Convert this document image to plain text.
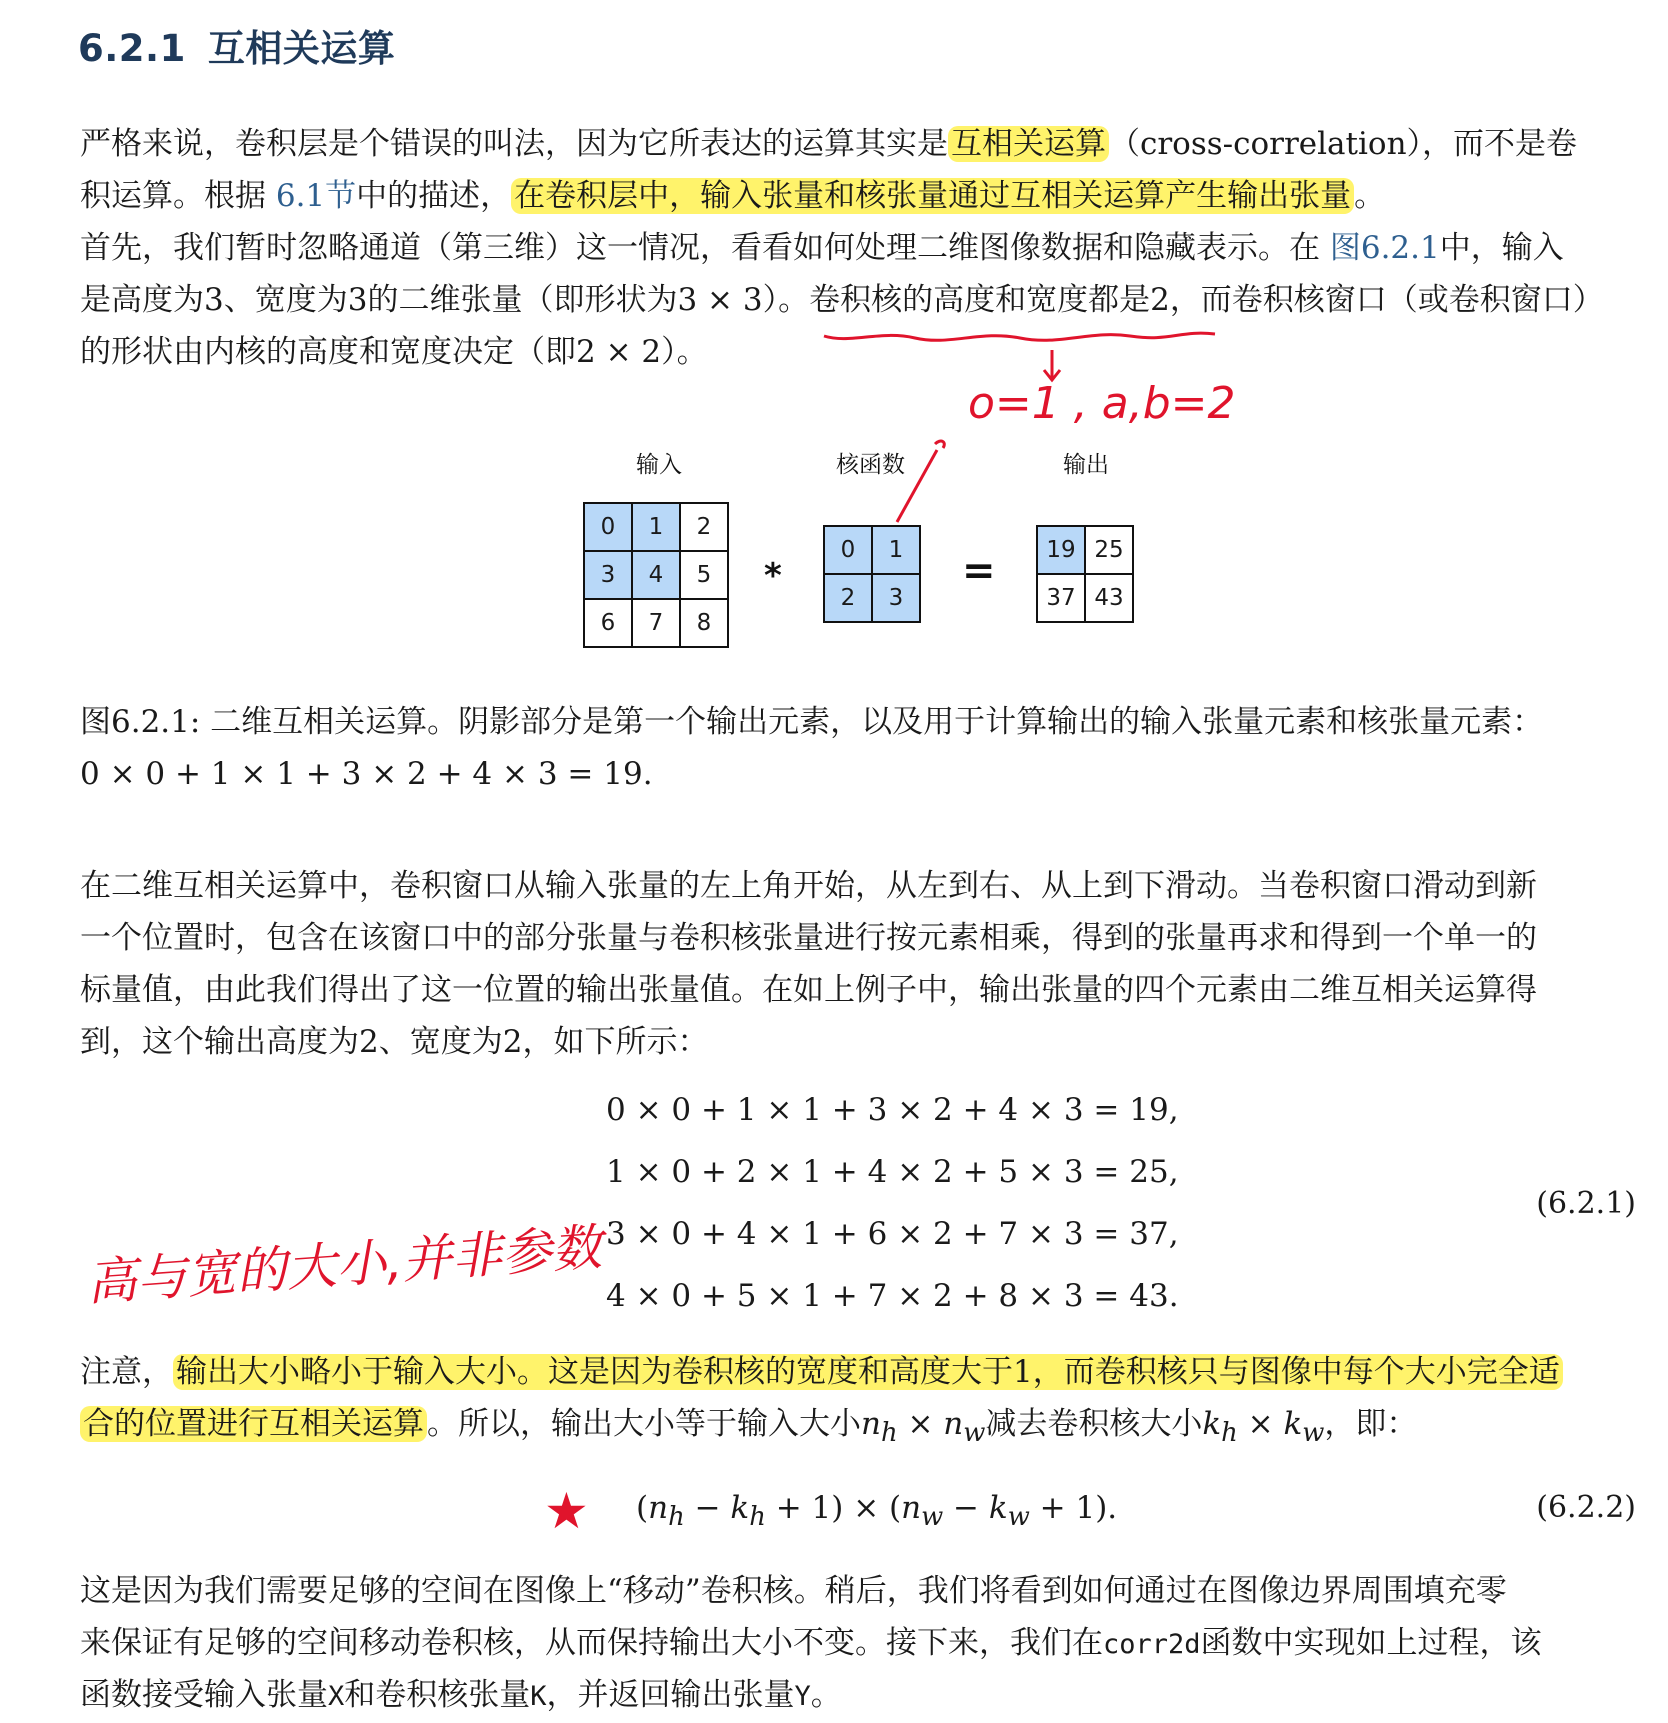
6.2.1 互相关运算
严格来说，卷积层是个错误的叫法，因为它所表达的运算其实是互相关运算（cross-correlation），而不是卷
积运算。根据 6.1节中的描述，在卷积层中，输入张量和核张量通过互相关运算产生输出张量。
首先，我们暂时忽略通道（第三维）这一情况，看看如何处理二维图像数据和隐藏表示。在 图6.2.1中，输入
是高度为3、宽度为3的二维张量（即形状为3 × 3）。卷积核的高度和宽度都是2，而卷积核窗口（或卷积窗口）
的形状由内核的高度和宽度决定（即2 × 2）。
o=1 , a,b=2
输入	核函数	输出
0	1	2
3	4	5
6	7	8
*
0	1
2	3
= 19	25
37	43
图6.2.1: 二维互相关运算。阴影部分是第一个输出元素，以及用于计算输出的输入张量元素和核张量元素：
0 × 0 + 1 × 1 + 3 × 2 + 4 × 3 = 19.
在二维互相关运算中，卷积窗口从输入张量的左上角开始，从左到右、从上到下滑动。当卷积窗口滑动到新
一个位置时，包含在该窗口中的部分张量与卷积核张量进行按元素相乘，得到的张量再求和得到一个单一的
标量值，由此我们得出了这一位置的输出张量值。在如上例子中，输出张量的四个元素由二维互相关运算得
到，这个输出高度为2、宽度为2，如下所示：
0 × 0 + 1 × 1 + 3 × 2 + 4 × 3 = 19,
1 × 0 + 2 × 1 + 4 × 2 + 5 × 3 = 25,
3 × 0 + 4 × 1 + 6 × 2 + 7 × 3 = 37,
4 × 0 + 5 × 1 + 7 × 2 + 8 × 3 = 43.
(6.2.1)
高与宽的大小,并非参数
注意，输出大小略小于输入大小。这是因为卷积核的宽度和高度大于1，而卷积核只与图像中每个大小完全适
合的位置进行互相关运算。所以，输出大小等于输入大小$n_h \times n_w$减去卷积核大小$k_h \times k_w$，即：
★ $(n_h - k_h + 1) \times (n_w - k_w + 1)$.	(6.2.2)
这是因为我们需要足够的空间在图像上“移动”卷积核。稍后，我们将看到如何通过在图像边界周围填充零
来保证有足够的空间移动卷积核，从而保持输出大小不变。接下来，我们在corr2d函数中实现如上过程，该
函数接受输入张量X和卷积核张量K，并返回输出张量Y。
